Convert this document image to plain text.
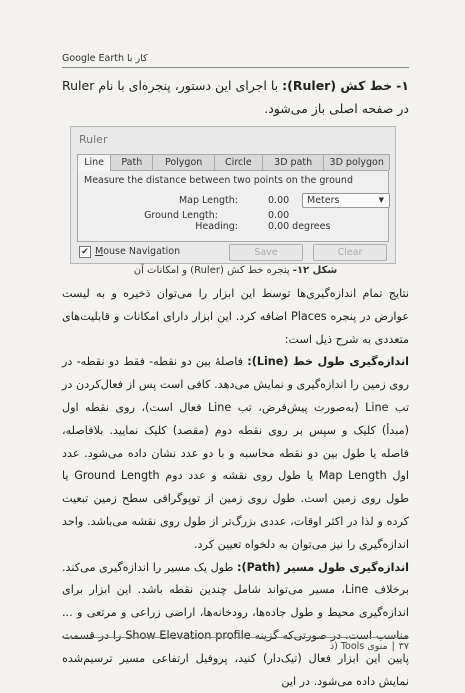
Google Earth کار با
۱- خط کش (Ruler): با اجرای این دستور، پنجره‌ای با نام Ruler در صفحه اصلی باز می‌شود.
Ruler
Line	Path	Polygon	Circle	3D path	3D polygon
Measure the distance between two points on the ground
Map Length:	0.00	Meters	▼
Ground Length:	0.00
Heading:	0.00 degrees
✔ Mouse Navigation	Save	Clear
شکل ۱۲- پنجره خط کش (Ruler) و امکانات آن

نتایج تمام اندازه‌گیری‌ها توسط این ابزار را می‌توان ذخیره و به لیست عوارض در پنجره Places اضافه کرد. این ابزار دارای امکانات و قابلیت‌های متعددی به شرح ذیل است:

اندازه‌گیری طول خط (Line): فاصلهٔ بین دو نقطه- فقط دو نقطه- در روی زمین را اندازه‌گیری و نمایش می‌دهد. کافی است پس از فعال‌کردن در تب Line (به‌صورت پیش‌فرض، تب Line فعال است)، روی نقطه اول (مبدأ) کلیک و سپس بر روی نقطه دوم (مقصد) کلیک نمایید. بلافاصله، فاصله یا طول بین دو نقطه محاسبه و با دو عدد نشان داده می‌شود. عدد اول Map Length یا طول روی نقشه و عدد دوم Ground Length یا طول روی زمین است. طول روی زمین از توپوگرافی سطح زمین تبعیت کرده و لذا در اکثر اوقات، عددی بزرگ‌تر از طول روی نقشه می‌باشد. واحد اندازه‌گیری را نیز می‌توان به دلخواه تعیین کرد.

اندازه‌گیری طول مسیر (Path): طول یک مسیر را اندازه‌گیری می‌کند. برخلاف Line، مسیر می‌تواند شامل چندین نقطه باشد. این ابزار برای اندازه‌گیری محیط و طول جاده‌ها، رودخانه‌ها، اراضی زراعی و مرتعی و ... مناسب است. در صورتی‌که گزینه Show Elevation profile را در قسمت پایین این ابزار فعال (تیک‌دار) کنید، پروفیل ارتفاعی مسیر ترسیم‌شده نمایش داده می‌شود. در این

۳۷|منوی Tools (د
